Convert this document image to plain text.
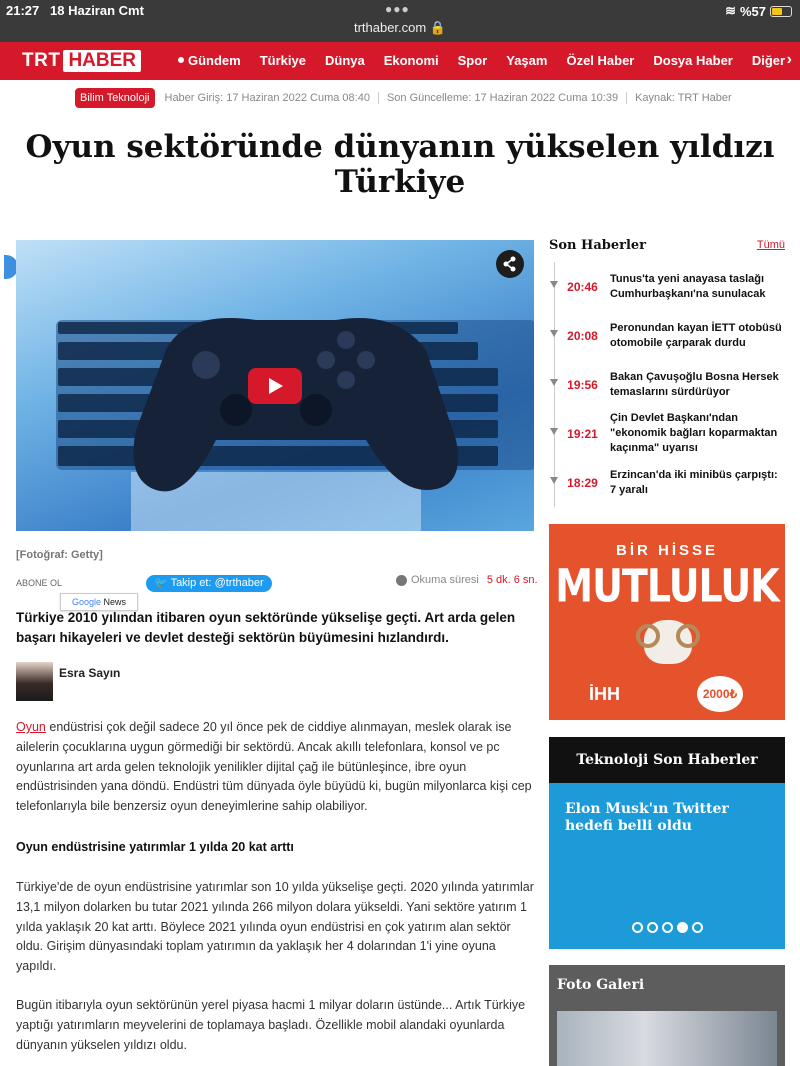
21:27 18 Haziran Cmt	●●●
trthaber.com 🔒
≋ %57
TRT HABER	Gündem Türkiye Dünya Ekonomi Spor Yaşam Özel Haber Dosya Haber Diğer ›
Bilim Teknoloji	Haber Giriş: 17 Haziran 2022 Cuma 08:40 Son Güncelleme: 17 Haziran 2022 Cuma 10:39 Kaynak: TRT Haber
Oyun sektöründe dünyanın yükselen yıldızı Türkiye
[Fotoğraf: Getty]
ABONE OL
Google News
🐦 Takip et: @trthaber	Okuma süresi 5 dk. 6 sn.
Türkiye 2010 yılından itibaren oyun sektöründe yükselişe geçti. Art arda gelen başarı hikayeleri ve devlet desteği sektörün büyümesini hızlandırdı.
Esra Sayın
Oyun endüstrisi çok değil sadece 20 yıl önce pek de ciddiye alınmayan, meslek olarak ise ailelerin çocuklarına uygun görmediği bir sektördü. Ancak akıllı telefonlara, konsol ve pc oyunlarına art arda gelen teknolojik yenilikler dijital çağ ile bütünleşince, ibre oyun endüstrisinden yana döndü. Endüstri tüm dünyada öyle büyüdü ki, bugün milyonlarca kişi cep telefonlarıyla bile benzersiz oyun deneyimlerine sahip olabiliyor.
Oyun endüstrisine yatırımlar 1 yılda 20 kat arttı
Türkiye'de de oyun endüstrisine yatırımlar son 10 yılda yükselişe geçti. 2020 yılında yatırımlar 13,1 milyon dolarken bu tutar 2021 yılında 266 milyon dolara yükseldi. Yani sektöre yatırım 1 yılda yaklaşık 20 kat arttı. Böylece 2021 yılında oyun endüstrisi en çok yatırım alan sektör oldu. Girişim dünyasındaki toplam yatırımın da yaklaşık her 4 dolarından 1'i yine oyuna yapıldı.
Bugün itibarıyla oyun sektörünün yerel piyasa hacmi 1 milyar doların üstünde... Artık Türkiye yaptığı yatırımların meyvelerini de toplamaya başladı. Özellikle mobil alandaki oyunlarda dünyanın yükselen yıldızı oldu.
Son Haberler	Tümü
20:46
Tunus'ta yeni anayasa taslağı Cumhurbaşkanı'na sunulacak
20:08
Peronundan kayan İETT otobüsü otomobile çarparak durdu
19:56
Bakan Çavuşoğlu Bosna Hersek temaslarını sürdürüyor
19:21
Çin Devlet Başkanı'ndan "ekonomik bağları koparmaktan kaçınma" uyarısı
18:29
Erzincan'da iki minibüs çarpıştı: 7 yaralı
BİR HİSSE
MUTLULUK
İHH	2000₺
Teknoloji Son Haberler
Elon Musk'ın Twitter hedefi belli oldu
Foto Galeri
